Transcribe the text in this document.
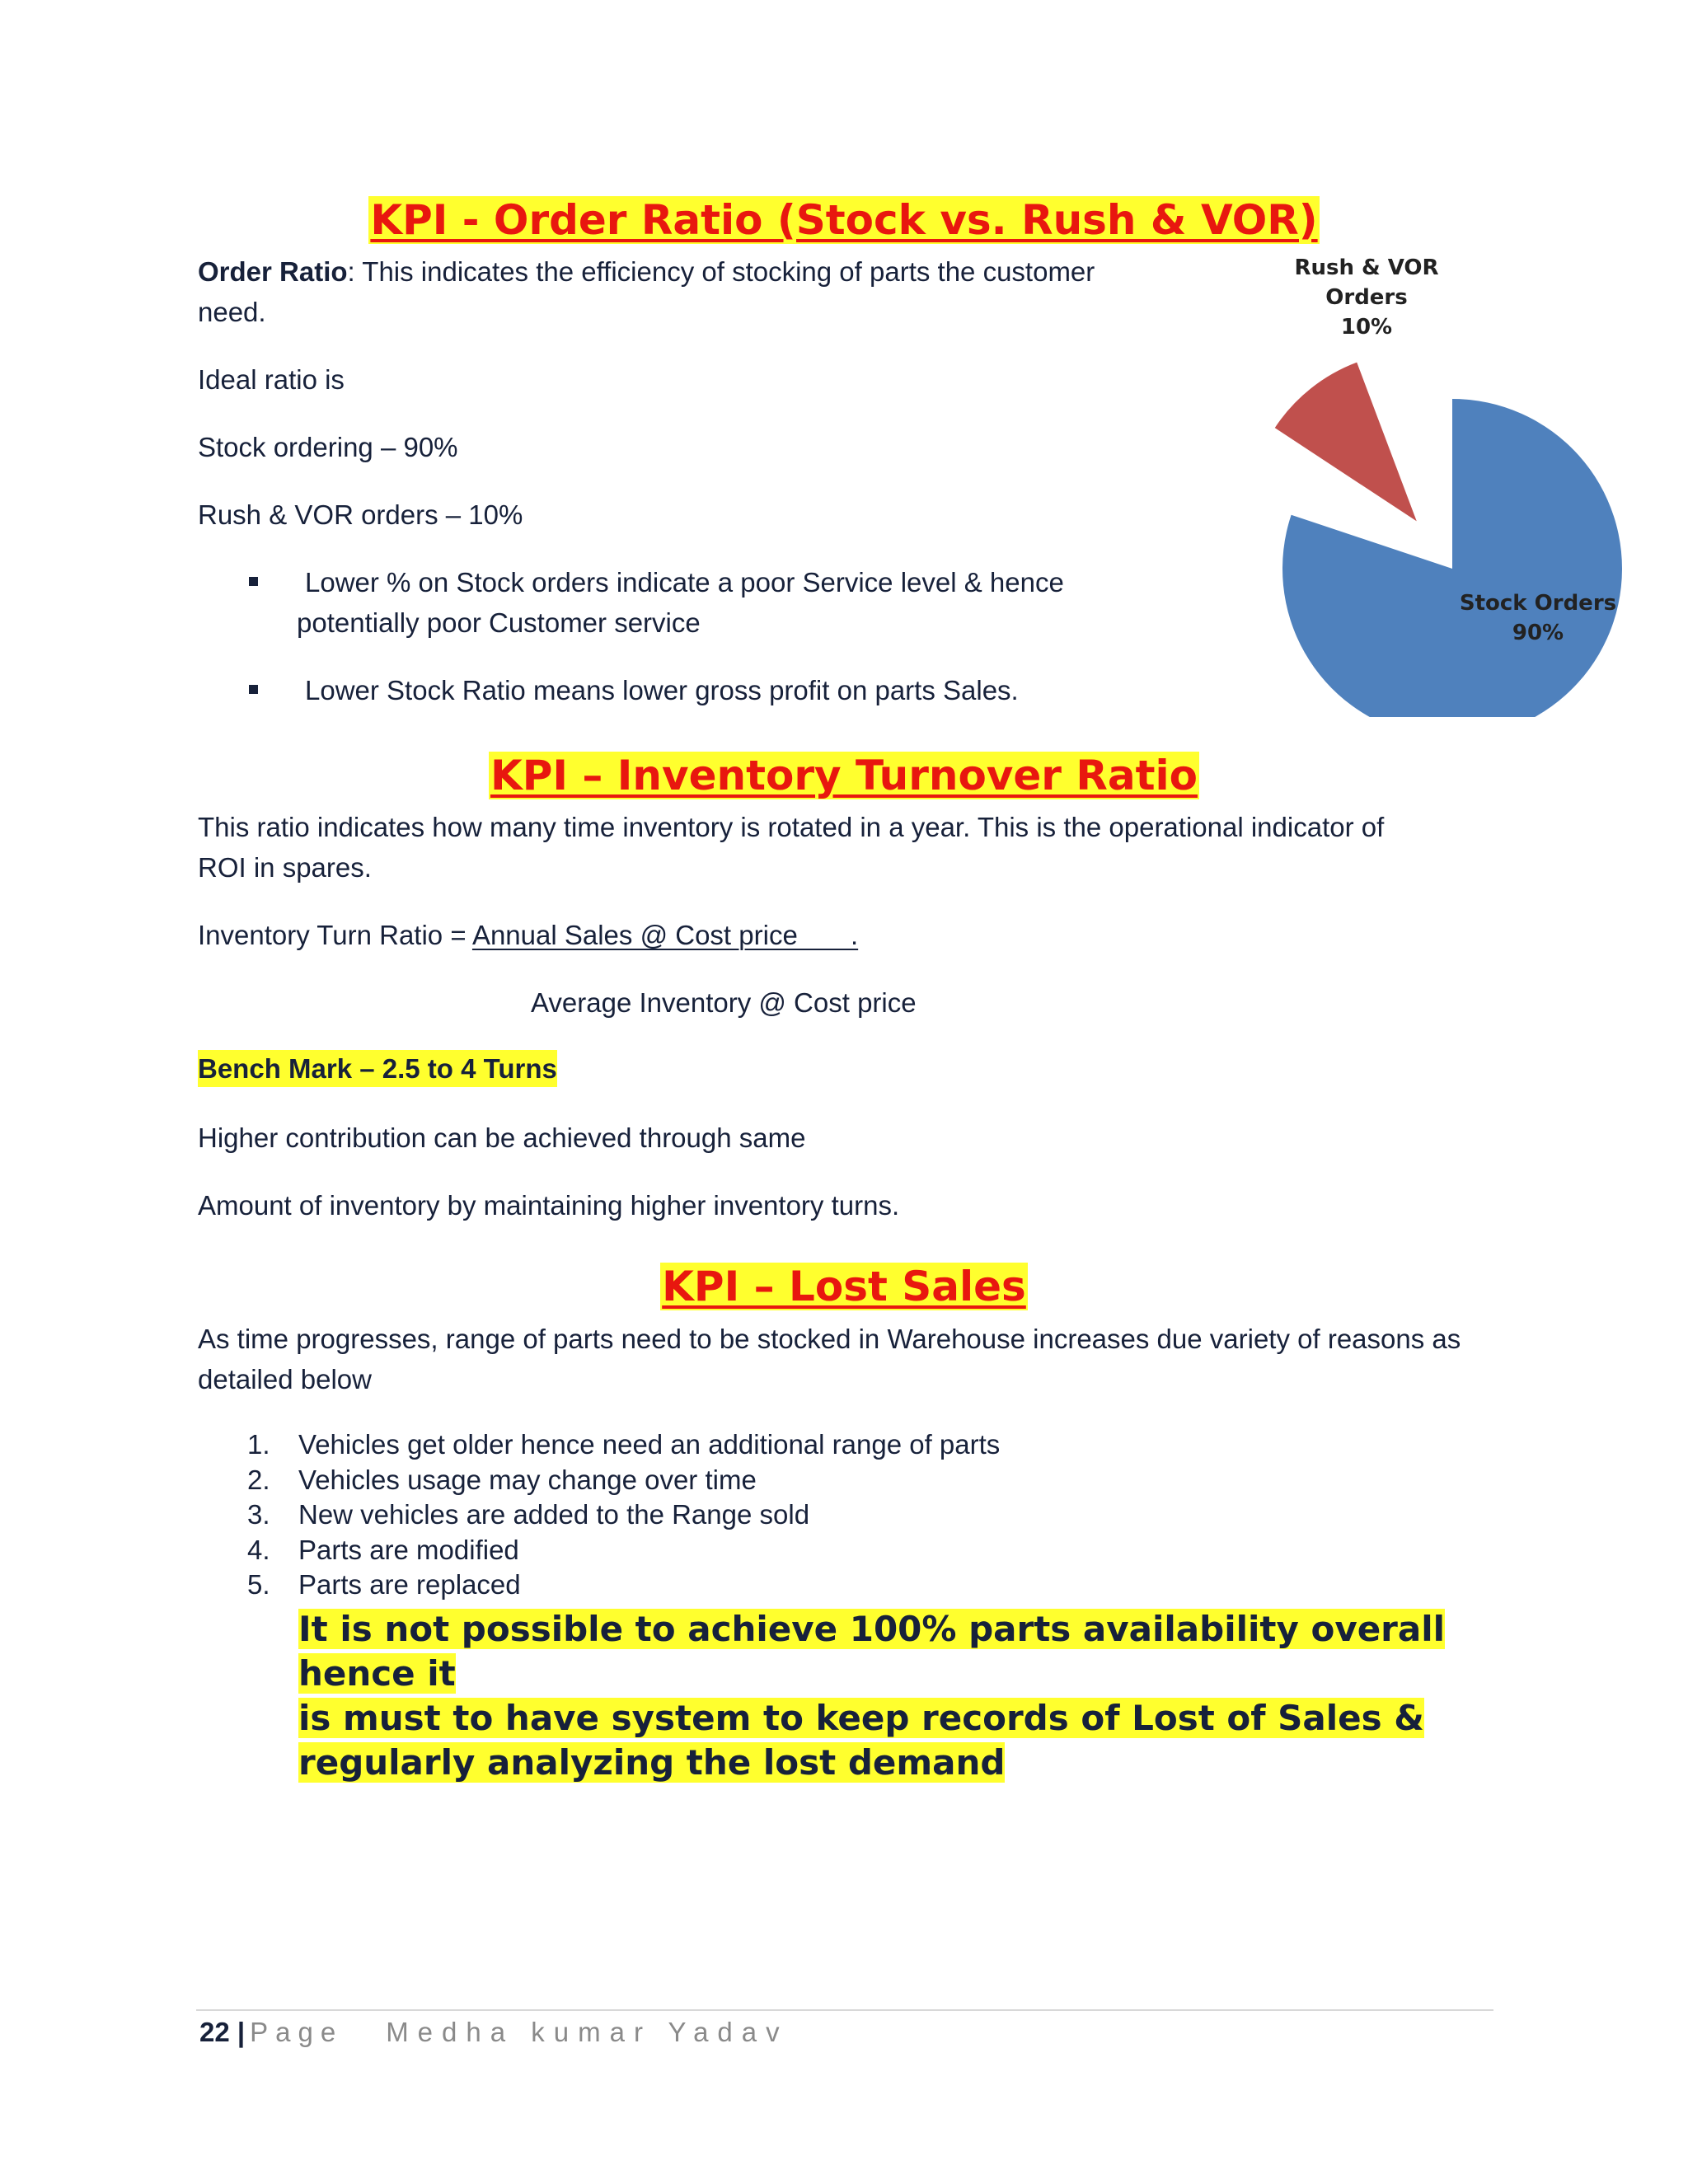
KPI - Order Ratio (Stock vs. Rush & VOR)
Order Ratio: This indicates the efficiency of stocking of parts the customer
need.
Ideal ratio is
Stock ordering – 90%
Rush & VOR orders – 10%
Lower % on Stock orders indicate a poor Service level & hence
potentially poor Customer service
Lower Stock Ratio means lower gross profit on parts Sales.
Rush & VOR
Orders
10%
Stock Orders
90%
KPI – Inventory Turnover Ratio
This ratio indicates how many time inventory is rotated in a year. This is the operational indicator of
ROI in spares.
Inventory Turn Ratio = Annual Sales @ Cost price       .
Average Inventory @ Cost price
Bench Mark – 2.5 to 4 Turns
Higher contribution can be achieved through same
Amount of inventory by maintaining higher inventory turns.
KPI – Lost Sales
As time progresses, range of parts need to be stocked in Warehouse increases due variety of reasons as
detailed below
1.	Vehicles get older hence need an additional range of parts
2.	Vehicles usage may change over time
3.	New vehicles are added to the Range sold
4.	Parts are modified
5.	Parts are replaced
It is not possible to achieve 100% parts availability overall hence it
is must to have system to keep records of Lost of Sales &
regularly analyzing the lost demand
22 | Page Medha kumar Yadav
